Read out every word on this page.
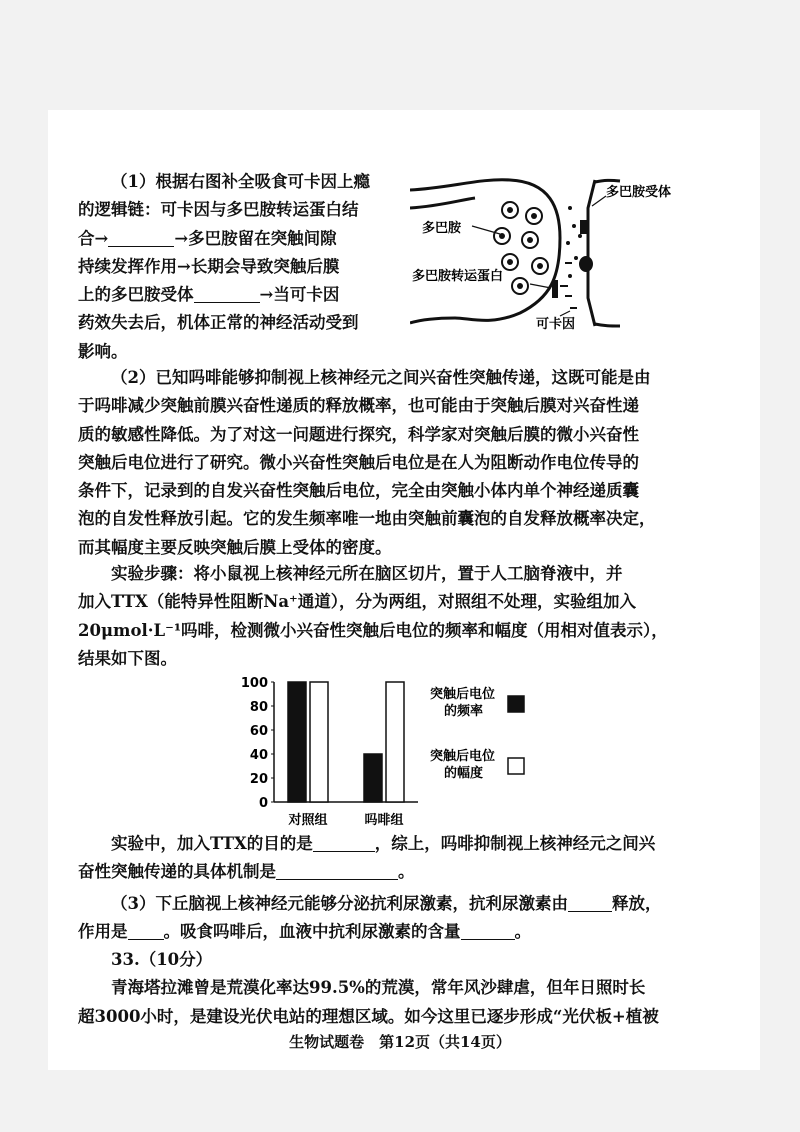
（1）根据右图补全吸食可卡因上瘾
的逻辑链：可卡因与多巴胺转运蛋白结
合→	→多巴胺留在突触间隙
持续发挥作用→长期会导致突触后膜
上的多巴胺受体	→当可卡因
药效失去后，机体正常的神经活动受到
影响。
多巴胺受体
多巴胺
多巴胺转运蛋白
可卡因
（2）已知吗啡能够抑制视上核神经元之间兴奋性突触传递，这既可能是由
于吗啡减少突触前膜兴奋性递质的释放概率，也可能由于突触后膜对兴奋性递
质的敏感性降低。为了对这一问题进行探究，科学家对突触后膜的微小兴奋性
突触后电位进行了研究。微小兴奋性突触后电位是在人为阻断动作电位传导的
条件下，记录到的自发兴奋性突触后电位，完全由突触小体内单个神经递质囊
泡的自发性释放引起。它的发生频率唯一地由突触前囊泡的自发释放概率决定，
而其幅度主要反映突触后膜上受体的密度。
实验步骤：将小鼠视上核神经元所在脑区切片，置于人工脑脊液中，并
加入TTX（能特异性阻断Na⁺通道），分为两组，对照组不处理，实验组加入
20μmol·L⁻¹吗啡，检测微小兴奋性突触后电位的频率和幅度（用相对值表示），
结果如下图。
100
80
60
40
20
0
对照组	吗啡组
突触后电位
的频率
突触后电位
的幅度
实验中，加入TTX的目的是	，综上，吗啡抑制视上核神经元之间兴
奋性突触传递的具体机制是	。
（3）下丘脑视上核神经元能够分泌抗利尿激素，抗利尿激素由	释放，
作用是 。吸食吗啡后，血液中抗利尿激素的含量	。
33.（10分）
青海塔拉滩曾是荒漠化率达99.5%的荒漠，常年风沙肆虐，但年日照时长
超3000小时，是建设光伏电站的理想区域。如今这里已逐步形成“光伏板+植被
生物试题卷　第12页（共14页）
